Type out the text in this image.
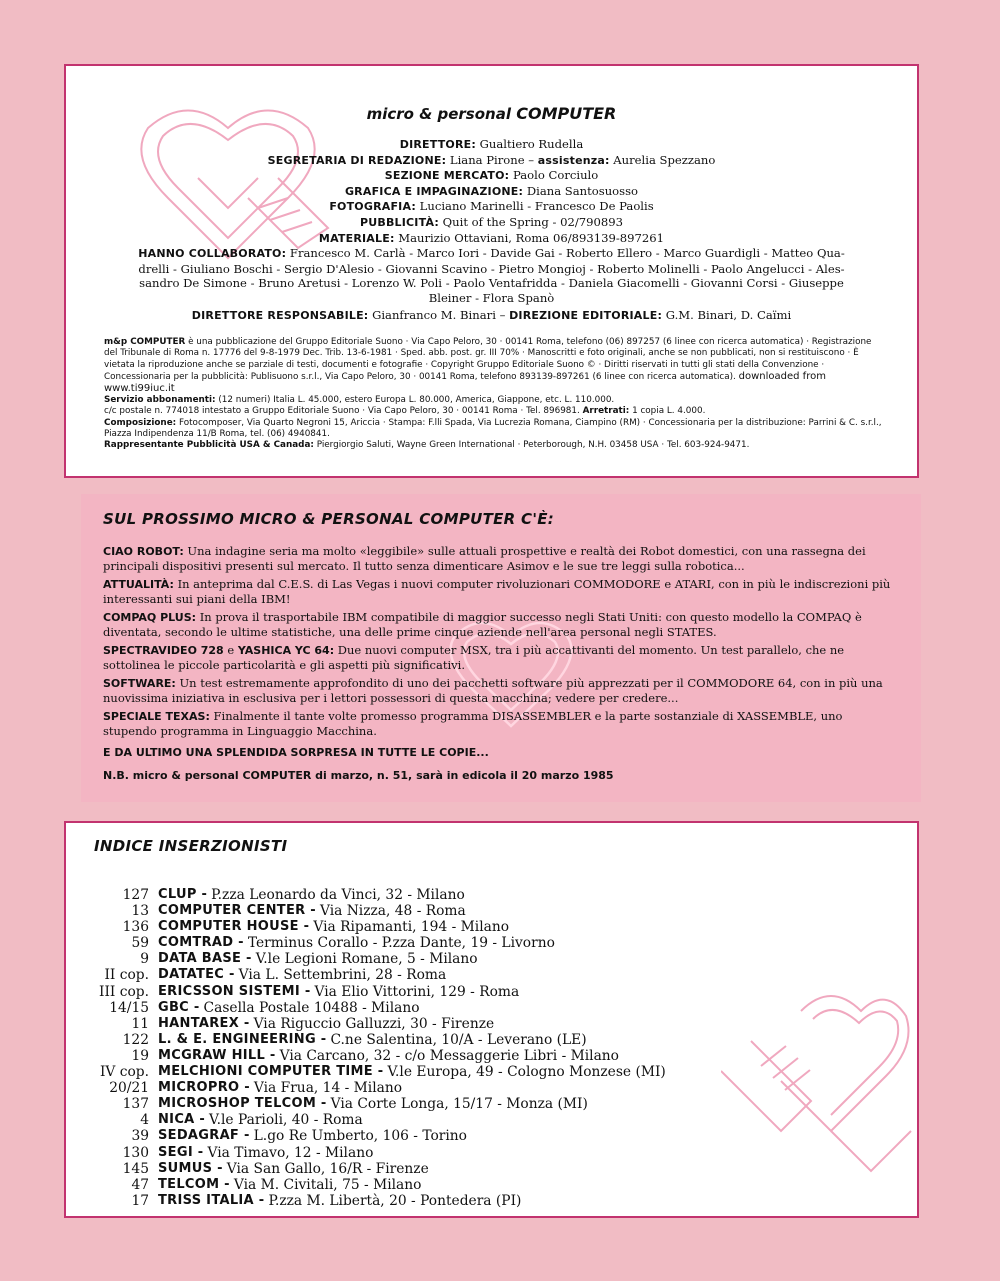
micro & personal COMPUTER
DIRETTORE: Gualtiero Rudella
SEGRETARIA DI REDAZIONE: Liana Pirone – assistenza: Aurelia Spezzano
SEZIONE MERCATO: Paolo Corciulo
GRAFICA E IMPAGINAZIONE: Diana Santosuosso
FOTOGRAFIA: Luciano Marinelli - Francesco De Paolis
PUBBLICITÀ: Quit of the Spring - 02/790893
MATERIALE: Maurizio Ottaviani, Roma 06/893139-897261
HANNO COLLABORATO: Francesco M. Carlà - Marco Iori - Davide Gai - Roberto Ellero - Marco Guardigli - Matteo Qua-
drelli - Giuliano Boschi - Sergio D'Alesio - Giovanni Scavino - Pietro Mongioj - Roberto Molinelli - Paolo Angelucci - Ales-
sandro De Simone - Bruno Aretusi - Lorenzo W. Poli - Paolo Ventafridda - Daniela Giacomelli - Giovanni Corsi - Giuseppe
Bleiner - Flora Spanò
DIRETTORE RESPONSABILE: Gianfranco M. Binari – DIREZIONE EDITORIALE: G.M. Binari, D. Caïmi

m&p COMPUTER è una pubblicazione del Gruppo Editoriale Suono · Via Capo Peloro, 30 · 00141 Roma, telefono (06) 897257 (6 linee con ricerca automatica) · Registrazione del Tribunale di Roma n. 17776 del 9-8-1979 Dec. Trib. 13-6-1981 · Sped. abb. post. gr. III 70% · Manoscritti e foto originali, anche se non pubblicati, non si restituiscono · È vietata la riproduzione anche se parziale di testi, documenti e fotografie · Copyright Gruppo Editoriale Suono © · Diritti riservati in tutti gli stati della Convenzione · Concessionaria per la pubblicità: Publisuono s.r.l., Via Capo Peloro, 30 · 00141 Roma, telefono 893139-897261 (6 linee con ricerca automatica). downloaded from www.ti99iuc.it

Servizio abbonamenti: (12 numeri) Italia L. 45.000, estero Europa L. 80.000, America, Giappone, etc. L. 110.000.

c/c postale n. 774018 intestato a Gruppo Editoriale Suono · Via Capo Peloro, 30 · 00141 Roma · Tel. 896981. Arretrati: 1 copia L. 4.000.

Composizione: Fotocomposer, Via Quarto Negroni 15, Ariccia · Stampa: F.lli Spada, Via Lucrezia Romana, Ciampino (RM) · Concessionaria per la distribuzione: Parrini & C. s.r.l., Piazza Indipendenza 11/B Roma, tel. (06) 4940841.

Rappresentante Pubblicità USA & Canada: Piergiorgio Saluti, Wayne Green International · Peterborough, N.H. 03458 USA · Tel. 603-924-9471.

SUL PROSSIMO MICRO & PERSONAL COMPUTER C'È:
CIAO ROBOT: Una indagine seria ma molto «leggibile» sulle attuali prospettive e realtà dei Robot domestici, con una rassegna dei principali dispositivi presenti sul mercato. Il tutto senza dimenticare Asimov e le sue tre leggi sulla robotica...
ATTUALITÀ: In anteprima dal C.E.S. di Las Vegas i nuovi computer rivoluzionari COMMODORE e ATARI, con in più le indiscrezioni più interessanti sui piani della IBM!
COMPAQ PLUS: In prova il trasportabile IBM compatibile di maggior successo negli Stati Uniti: con questo modello la COMPAQ è diventata, secondo le ultime statistiche, una delle prime cinque aziende nell'area personal negli STATES.
SPECTRAVIDEO 728 e YASHICA YC 64: Due nuovi computer MSX, tra i più accattivanti del momento. Un test parallelo, che ne sottolinea le piccole particolarità e gli aspetti più significativi.
SOFTWARE: Un test estremamente approfondito di uno dei pacchetti software più apprezzati per il COMMODORE 64, con in più una nuovissima iniziativa in esclusiva per i lettori possessori di questa macchina; vedere per credere...
SPECIALE TEXAS: Finalmente il tante volte promesso programma DISASSEMBLER e la parte sostanziale di XASSEMBLE, uno stupendo programma in Linguaggio Macchina.
E DA ULTIMO UNA SPLENDIDA SORPRESA IN TUTTE LE COPIE...
N.B. micro & personal COMPUTER di marzo, n. 51, sarà in edicola il 20 marzo 1985
INDICE INSERZIONISTI
127 CLUP - P.zza Leonardo da Vinci, 32 - Milano
13 COMPUTER CENTER - Via Nizza, 48 - Roma
136 COMPUTER HOUSE - Via Ripamanti, 194 - Milano
59 COMTRAD - Terminus Corallo - P.zza Dante, 19 - Livorno
9 DATA BASE - V.le Legioni Romane, 5 - Milano
II cop. DATATEC - Via L. Settembrini, 28 - Roma
III cop. ERICSSON SISTEMI - Via Elio Vittorini, 129 - Roma
14/15 GBC - Casella Postale 10488 - Milano
11 HANTAREX - Via Riguccio Galluzzi, 30 - Firenze
122 L. & E. ENGINEERING - C.ne Salentina, 10/A - Leverano (LE)
19 MCGRAW HILL - Via Carcano, 32 - c/o Messaggerie Libri - Milano
IV cop. MELCHIONI COMPUTER TIME - V.le Europa, 49 - Cologno Monzese (MI)
20/21 MICROPRO - Via Frua, 14 - Milano
137 MICROSHOP TELCOM - Via Corte Longa, 15/17 - Monza (MI)
4 NICA - V.le Parioli, 40 - Roma
39 SEDAGRAF - L.go Re Umberto, 106 - Torino
130 SEGI - Via Timavo, 12 - Milano
145 SUMUS - Via San Gallo, 16/R - Firenze
47 TELCOM - Via M. Civitali, 75 - Milano
17 TRISS ITALIA - P.zza M. Libertà, 20 - Pontedera (PI)
